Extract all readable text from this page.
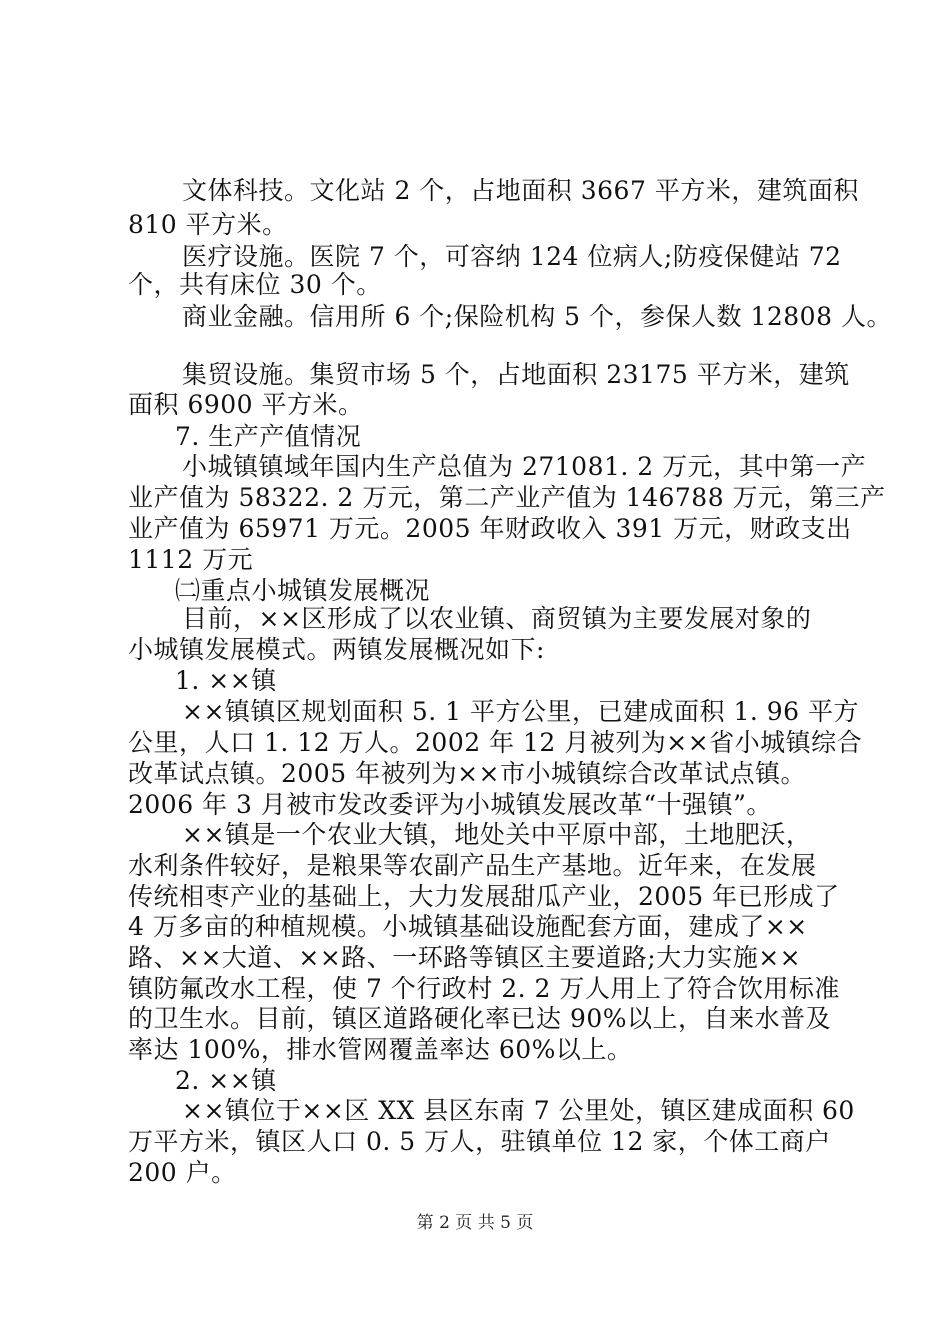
文体科技。文化站 2 个，占地面积 3667 平方米，建筑面积
810 平方米。
医疗设施。医院 7 个，可容纳 124 位病人;防疫保健站 72
个，共有床位 30 个。
商业金融。信用所 6 个;保险机构 5 个，参保人数 12808 人。
集贸设施。集贸市场 5 个，占地面积 23175 平方米，建筑
面积 6900 平方米。
7. 生产产值情况
小城镇镇域年国内生产总值为 271081. 2 万元，其中第一产
业产值为 58322. 2 万元，第二产业产值为 146788 万元，第三产
业产值为 65971 万元。2005 年财政收入 391 万元，财政支出
1112 万元
㈡重点小城镇发展概况
目前，××区形成了以农业镇、商贸镇为主要发展对象的
小城镇发展模式。两镇发展概况如下:
1. ××镇
××镇镇区规划面积 5. 1 平方公里，已建成面积 1. 96 平方
公里，人口 1. 12 万人。2002 年 12 月被列为××省小城镇综合
改革试点镇。2005 年被列为××市小城镇综合改革试点镇。
2006 年 3 月被市发改委评为小城镇发展改革“十强镇”。
××镇是一个农业大镇，地处关中平原中部，土地肥沃，
水利条件较好，是粮果等农副产品生产基地。近年来，在发展
传统相枣产业的基础上，大力发展甜瓜产业，2005 年已形成了
4 万多亩的种植规模。小城镇基础设施配套方面，建成了××
路、××大道、××路、一环路等镇区主要道路;大力实施××
镇防氟改水工程，使 7 个行政村 2. 2 万人用上了符合饮用标准
的卫生水。目前，镇区道路硬化率已达 90%以上，自来水普及
率达 100%，排水管网覆盖率达 60%以上。
2. ××镇
××镇位于××区 XX 县区东南 7 公里处，镇区建成面积 60
万平方米，镇区人口 0. 5 万人，驻镇单位 12 家，个体工商户
200 户。
第 2 页 共 5 页
